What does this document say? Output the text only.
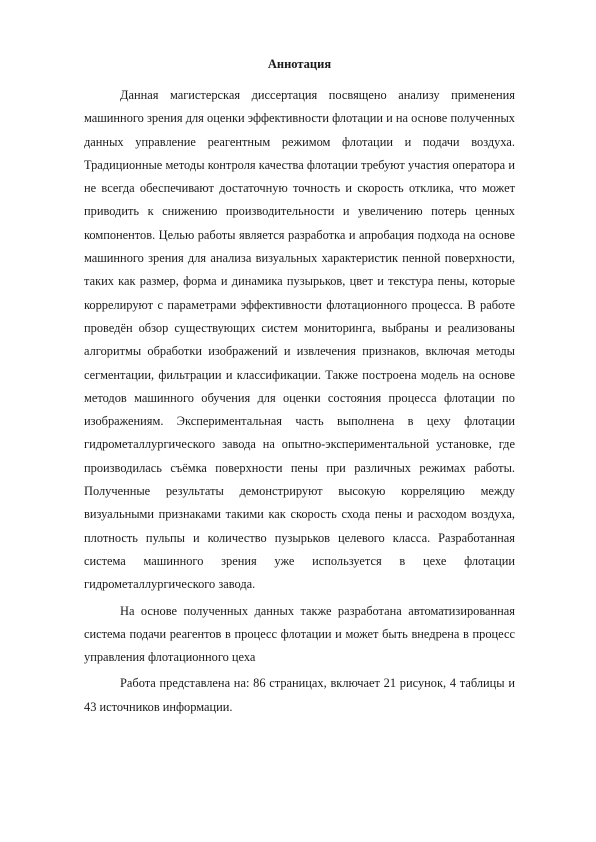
Аннотация

Данная магистерская диссертация посвящено анализу применения машинного зрения для оценки эффективности флотации и на основе полученных данных управление реагентным режимом флотации и подачи воздуха. Традиционные методы контроля качества флотации требуют участия оператора и не всегда обеспечивают достаточную точность и скорость отклика, что может приводить к снижению производительности и увеличению потерь ценных компонентов. Целью работы является разработка и апробация подхода на основе машинного зрения для анализа визуальных характеристик пенной поверхности, таких как размер, форма и динамика пузырьков, цвет и текстура пены, которые коррелируют с параметрами эффективности флотационного процесса. В работе проведён обзор существующих систем мониторинга, выбраны и реализованы алгоритмы обработки изображений и извлечения признаков, включая методы сегментации, фильтрации и классификации. Также построена модель на основе методов машинного обучения для оценки состояния процесса флотации по изображениям. Экспериментальная часть выполнена в цеху флотации гидрометаллургического завода на опытно-экспериментальной установке, где производилась съёмка поверхности пены при различных режимах работы. Полученные результаты демонстрируют высокую корреляцию между визуальными признаками такими как скорость схода пены и расходом воздуха, плотность пульпы и количество пузырьков целевого класса. Разработанная система машинного зрения уже используется в цехе флотации гидрометаллургического завода.

На основе полученных данных также разработана автоматизированная система подачи реагентов в процесс флотации и может быть внедрена в процесс управления флотационного цеха

Работа представлена на: 86 страницах, включает 21 рисунок, 4 таблицы и 43 источников информации.
